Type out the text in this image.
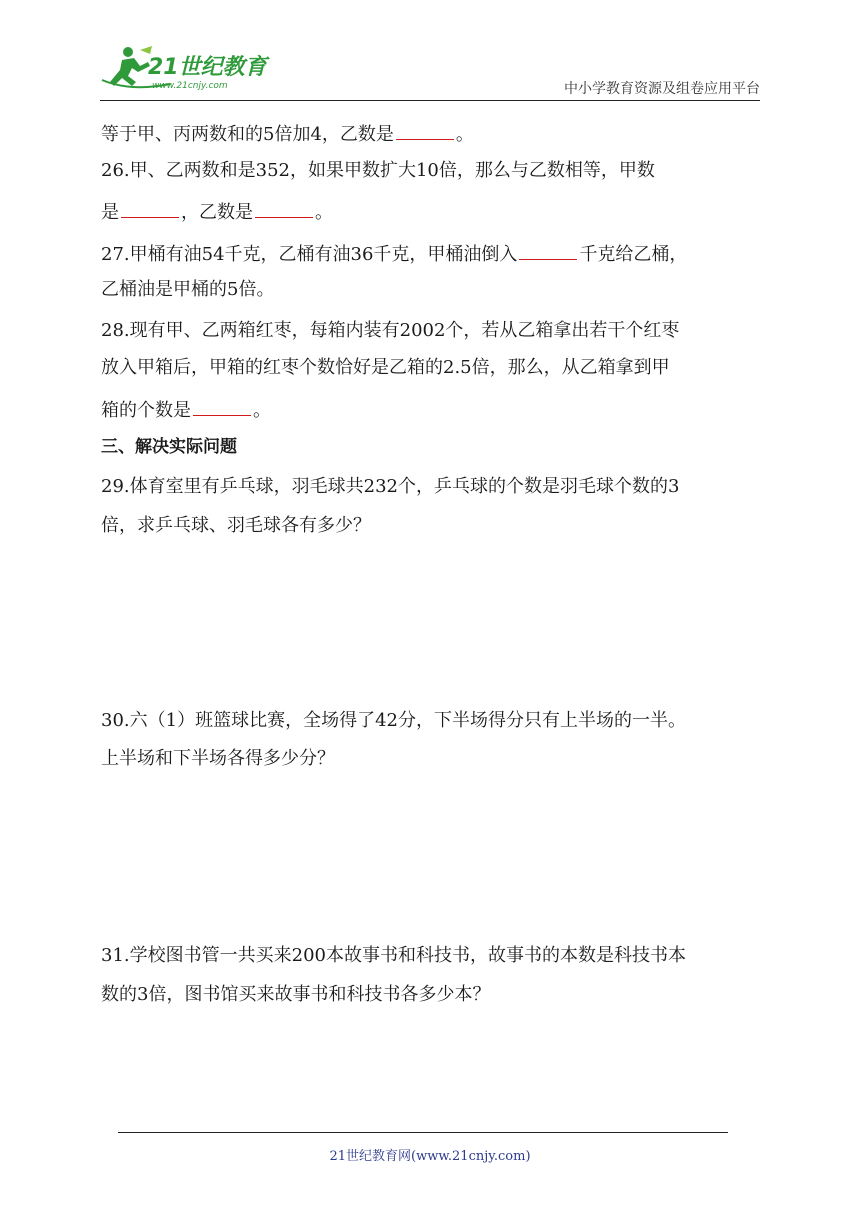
21世纪教育
www.21cnjy.com	中小学教育资源及组卷应用平台
等于甲、丙两数和的5倍加4，乙数是	。
26.甲、乙两数和是352，如果甲数扩大10倍，那么与乙数相等，甲数
是	，乙数是	。
27.甲桶有油54千克，乙桶有油36千克，甲桶油倒入	千克给乙桶，
乙桶油是甲桶的5倍。
28.现有甲、乙两箱红枣，每箱内装有2002个，若从乙箱拿出若干个红枣
放入甲箱后，甲箱的红枣个数恰好是乙箱的2.5倍，那么，从乙箱拿到甲
箱的个数是	。
三、解决实际问题
29.体育室里有乒乓球，羽毛球共232个，乒乓球的个数是羽毛球个数的3
倍，求乒乓球、羽毛球各有多少？
30.六（1）班篮球比赛，全场得了42分，下半场得分只有上半场的一半。
上半场和下半场各得多少分？
31.学校图书管一共买来200本故事书和科技书，故事书的本数是科技书本
数的3倍，图书馆买来故事书和科技书各多少本？
21世纪教育网(www.21cnjy.com)
